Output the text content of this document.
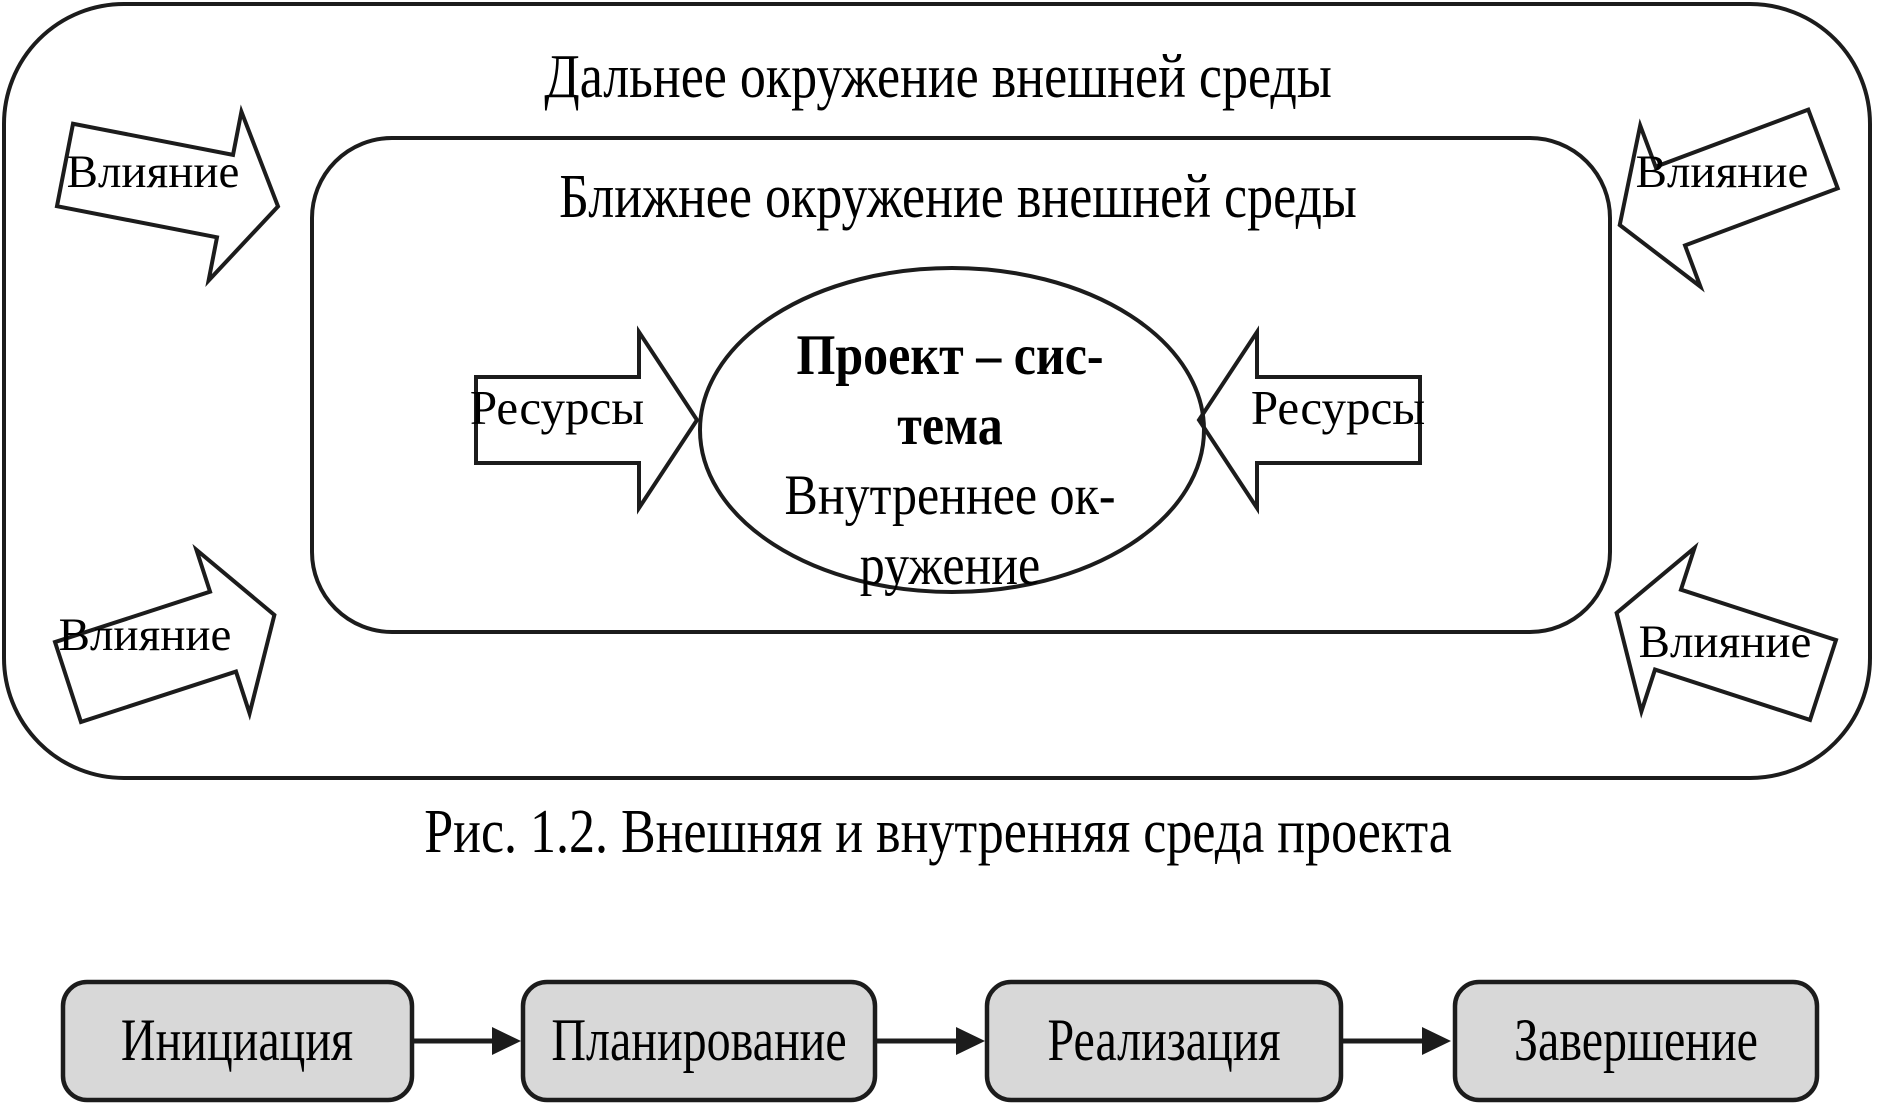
Дальнее окружение внешней среды
Ближнее окружение внешней среды
Влияние	Влияние
Влияние	Влияние
Ресурсы	Ресурсы
Проект – сис-
тема
Внутреннее ок-
ружение
Рис. 1.2. Внешняя и внутренняя среда проекта
Инициация	Планирование	Реализация	Завершение
